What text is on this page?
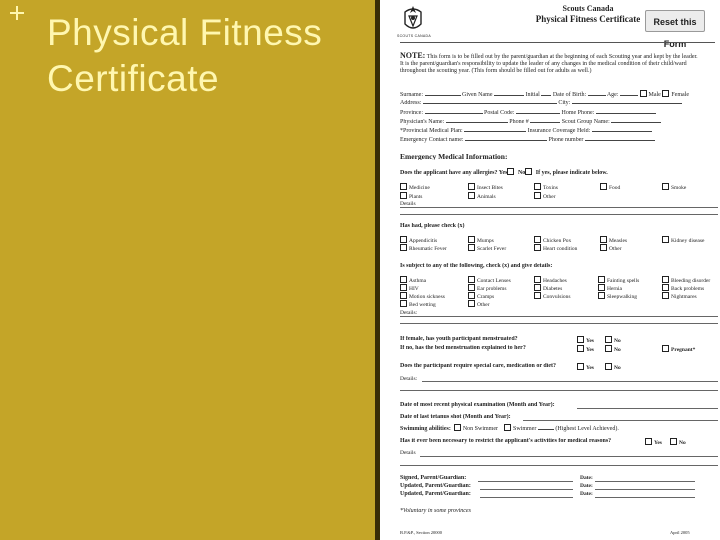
Physical Fitness
Certificate
SCOUTS CANADA
Scouts Canada
Physical Fitness Certificate	Reset this Form
NOTE: This form is to be filled out by the parent/guardian at the beginning of each Scouting year and kept by the leader.
It is the parent/guardian's responsibility to update the leader of any changes in the medical condition of their child/ward
throughout the scouting year. (This form should be filled out for adults as well.)
Surname:	Given Name	Initial Date of Birth:	Age:	Male Female
Address:	City:
Province:	Postal Code:	Home Phone:
Physician's Name:	Phone #	Scout Group Name:
*Provincial Medical Plan:	Insurance Coverage Held:
Emergency Contact name:	Phone number
Emergency Medical Information:
Does the applicant have any allergies? Yes No If yes, please indicate below.
Medicine	Insect Bites	Toxins	Food	Smoke
Plants	Animals	Other
Details
Has had, please check (x)
Appendicitis	Mumps	Chicken Pox	Measles	Kidney disease
Rheumatic Fever	Scarlet Fever	Heart condition	Other
Is subject to any of the following, check (x) and give details:
Asthma	Contact Lenses	Headaches	Fainting spells	Bleeding disorder
HIV	Ear problems	Diabetes	Hernia	Back problems
Motion sickness	Cramps	Convulsions	Sleepwalking	Nightmares
Bed wetting	Other
Details:
If female, has youth participant menstruated?	Yes	No
If no, has the bed menstruation explained to her?	Yes	No	Pregnant*
Does the participant require special care, medication or diet?	Yes	No
Details:
Date of most recent physical examination (Month and Year):
Date of last tetanus shot (Month and Year):
Swimming abilities: Non Swimmer	Swimmer	(Highest Level Achieved).
Has it ever been necessary to restrict the applicant's activities for medical reasons?	Yes	No
Details
Signed, Parent/Guardian:	Date:
Updated, Parent/Guardian:	Date:
Updated, Parent/Guardian:	Date:
*Voluntary in some provinces
B.P.&P., Section 20000	April 2005
